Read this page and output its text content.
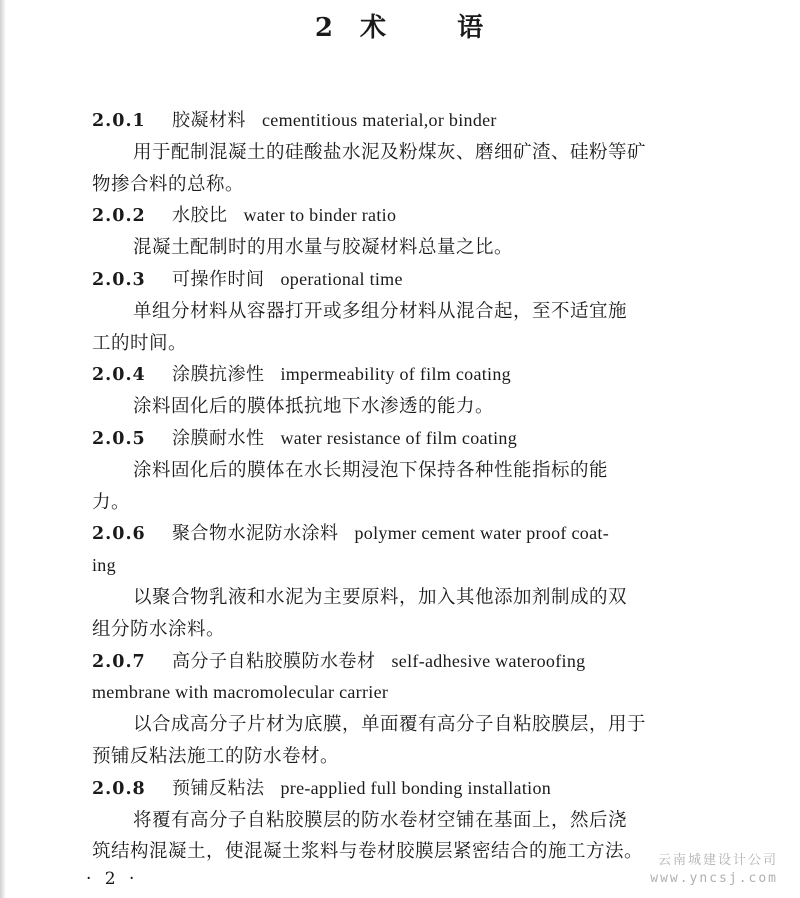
2 术	语
2.0.1 胶凝材料 cementitious material,or binder
用于配制混凝土的硅酸盐水泥及粉煤灰、磨细矿渣、硅粉等矿
物掺合料的总称。
2.0.2 水胶比 water to binder ratio
混凝土配制时的用水量与胶凝材料总量之比。
2.0.3 可操作时间 operational time
单组分材料从容器打开或多组分材料从混合起，至不适宜施
工的时间。
2.0.4 涂膜抗渗性 impermeability of film coating
涂料固化后的膜体抵抗地下水渗透的能力。
2.0.5 涂膜耐水性 water resistance of film coating
涂料固化后的膜体在水长期浸泡下保持各种性能指标的能
力。
2.0.6 聚合物水泥防水涂料 polymer cement water proof coat-
ing
以聚合物乳液和水泥为主要原料，加入其他添加剂制成的双
组分防水涂料。
2.0.7 高分子自粘胶膜防水卷材 self-adhesive wateroofing
membrane with macromolecular carrier
以合成高分子片材为底膜，单面覆有高分子自粘胶膜层，用于
预铺反粘法施工的防水卷材。
2.0.8 预铺反粘法 pre-applied full bonding installation
将覆有高分子自粘胶膜层的防水卷材空铺在基面上，然后浇
筑结构混凝土，使混凝土浆料与卷材胶膜层紧密结合的施工方法。
· 2 ·
云南城建设计公司
www.yncsj.com
